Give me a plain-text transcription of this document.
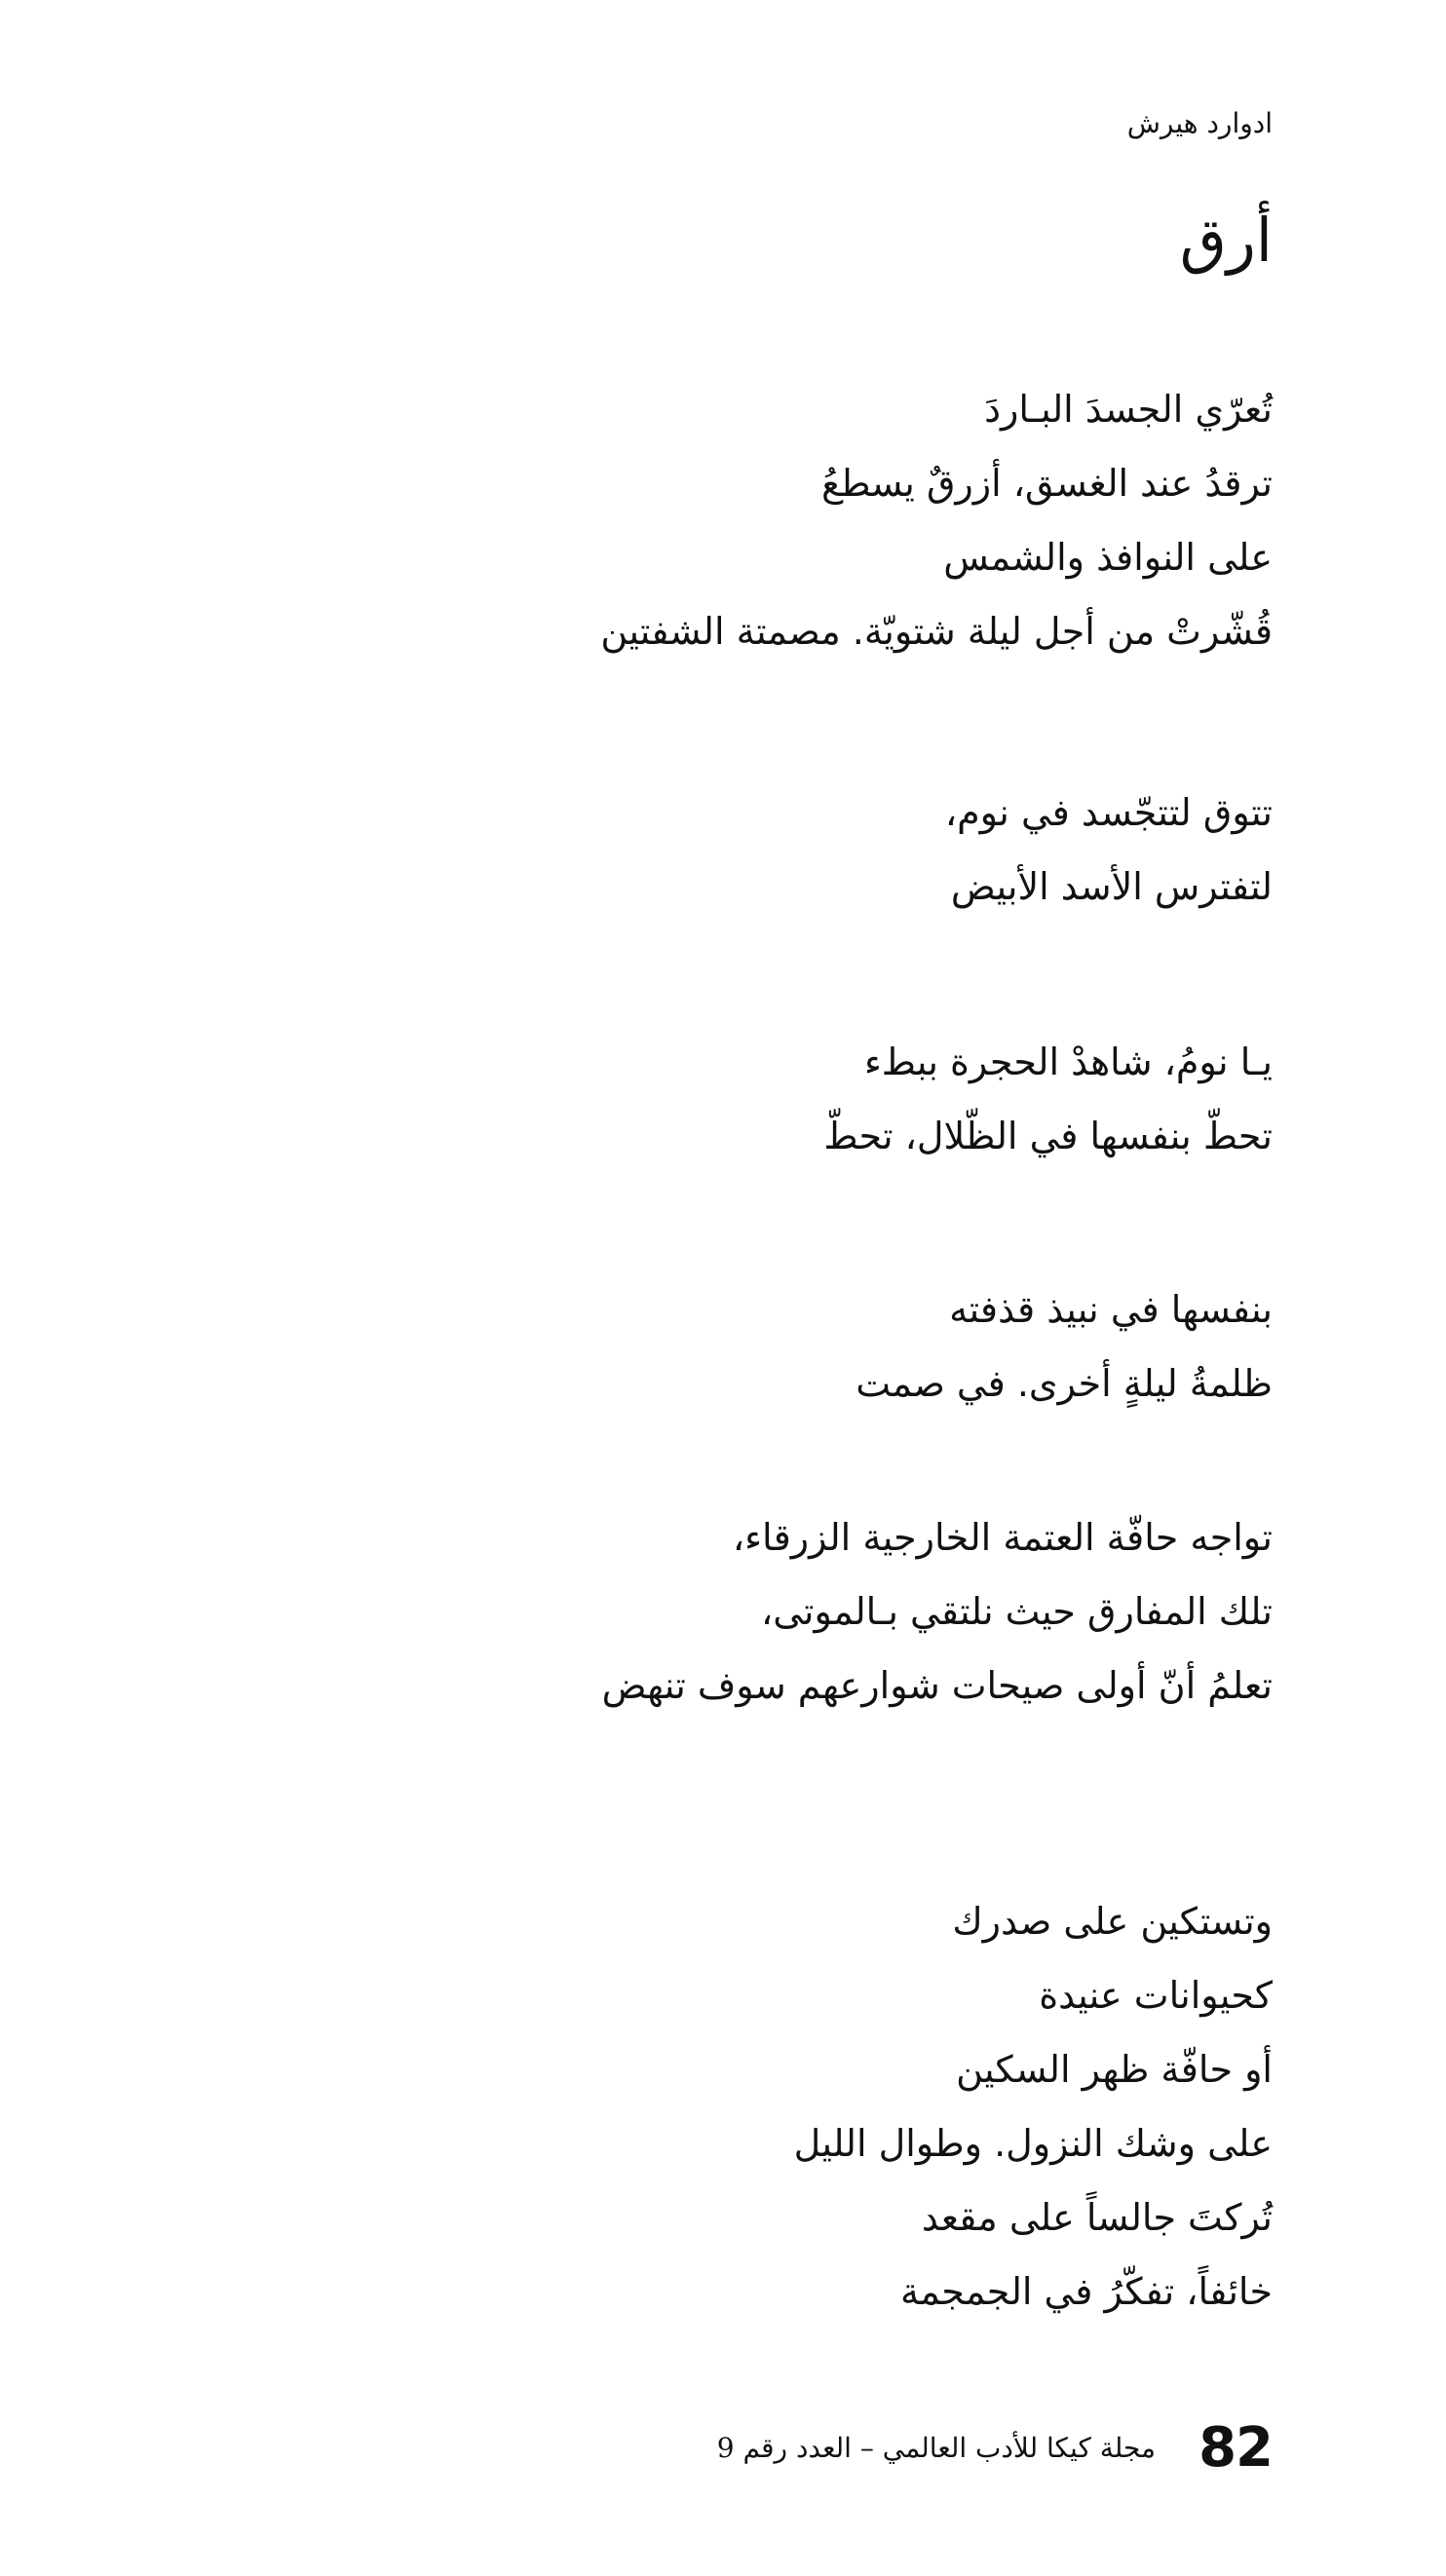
ادوارد هيرش
أرق
تُعرّي الجسدَ البـاردَ
ترقدُ عند الغسق، أزرقٌ يسطعُ
على النوافذ والشمس
قُشّرتْ من أجل ليلة شتويّة. مصمتة الشفتين
تتوق لتتجّسد في نوم،
لتفترس الأسد الأبيض
يـا نومُ، شاهدْ الحجرة ببطء
تحطّ بنفسها في الظّلال، تحطّ
بنفسها في نبيذ قذفته
ظلمةُ ليلةٍ أخرى. في صمت
تواجه حافّة العتمة الخارجية الزرقاء،
تلك المفارق حيث نلتقي بـالموتى،
تعلمُ أنّ أولى صيحات شوارعهم سوف تنهض
وتستكين على صدرك
كحيوانات عنيدة
أو حافّة ظهر السكين
على وشك النزول. وطوال الليل
تُركتَ جالساً على مقعد
خائفاً، تفكّرُ في الجمجمة
مجلة كيكا للأدب العالمي – العدد رقم 9 82
